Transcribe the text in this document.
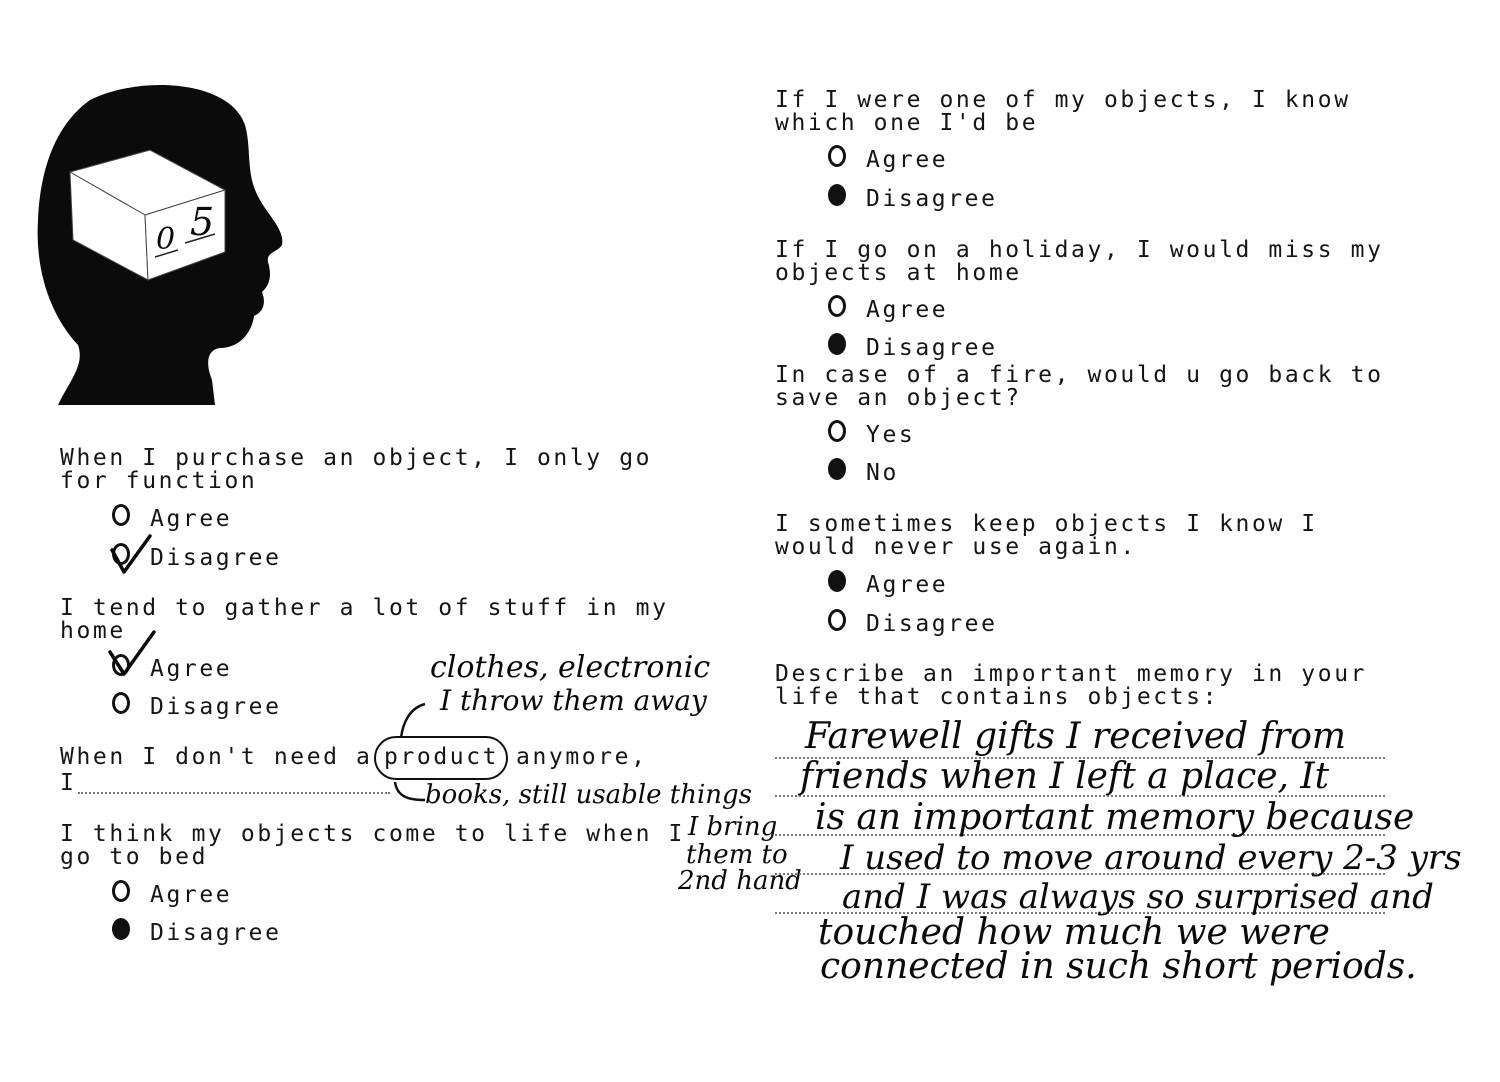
0 5
When I purchase an object, I only go
for function
Agree
Disagree
I tend to gather a lot of stuff in my
home
Agree
Disagree
When I don't need a product anymore,
I
I think my objects come to life when I
go to bed
Agree
Disagree
clothes, electronic
I throw them away
books, still usable things
I bring
them to
2nd hand
If I were one of my objects, I know
which one I'd be
Agree
Disagree
If I go on a holiday, I would miss my
objects at home
Agree
Disagree
In case of a fire, would u go back to
save an object?
Yes
No
I sometimes keep objects I know I
would never use again.
Agree
Disagree
Describe an important memory in your
life that contains objects:
Farewell gifts I received from
friends when I left a place, It
is an important memory because
I used to move around every 2-3 yrs
and I was always so surprised and
touched how much we were
connected in such short periods.
